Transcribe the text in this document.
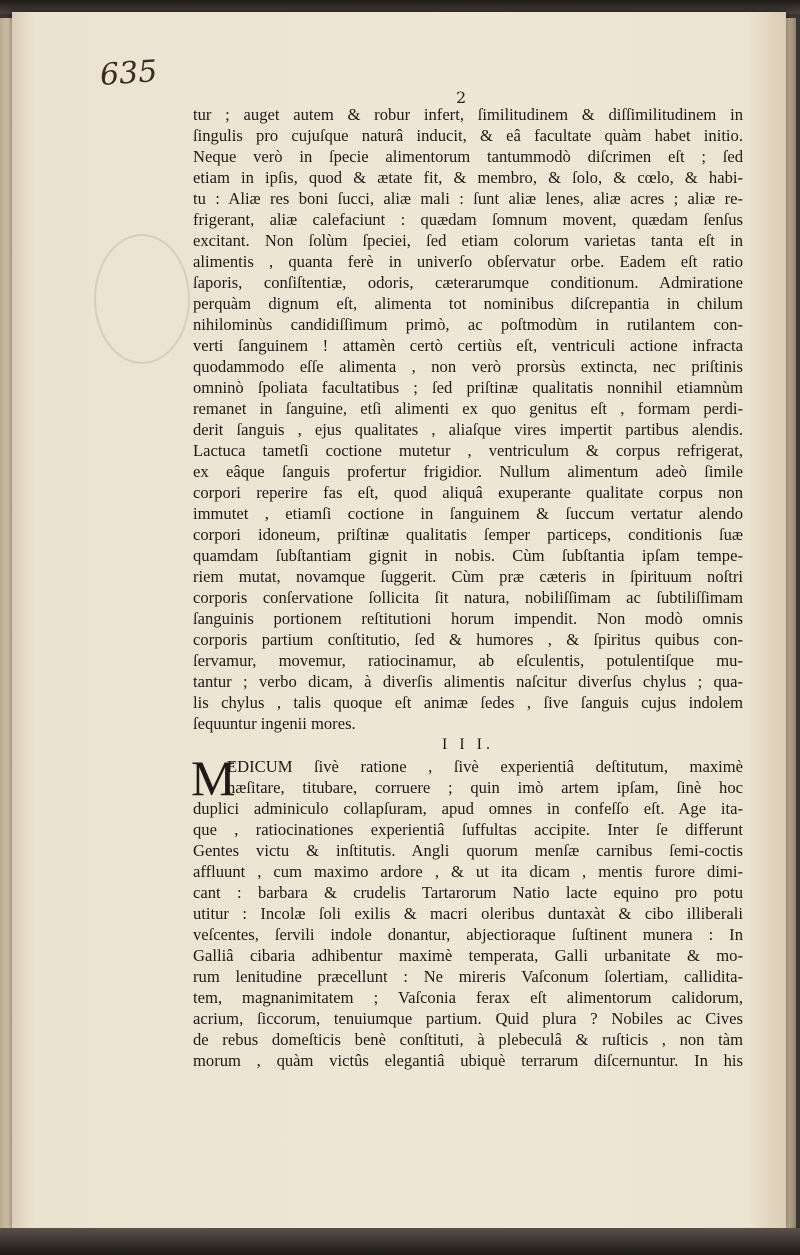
635
2
tur ; auget autem & robur infert, ſimilitudinem & diſſimilitudinem in
ſingulis pro cujuſque naturâ inducit, & eâ facultate quàm habet initio.
Neque verò in ſpecie alimentorum tantummodò diſcrimen eſt ; ſed
etiam in ipſis, quod & ætate fit, & membro, & ſolo, & cœlo, & habi-
tu : Aliæ res boni ſucci, aliæ mali : ſunt aliæ lenes, aliæ acres ; aliæ re-
frigerant, aliæ calefaciunt : quædam ſomnum movent, quædam ſenſus
excitant. Non ſolùm ſpeciei, ſed etiam colorum varietas tanta eſt in
alimentis , quanta ferè in univerſo obſervatur orbe. Eadem eſt ratio
ſaporis, conſiſtentiæ, odoris, cæterarumque conditionum. Admiratione
perquàm dignum eſt, alimenta tot nominibus diſcrepantia in chilum
nihilominùs candidiſſimum primò, ac poſtmodùm in rutilantem con-
verti ſanguinem ! attamèn certò certiùs eſt, ventriculi actione infracta
quodammodo eſſe alimenta , non verò prorsùs extincta, nec priſtinis
omninò ſpoliata facultatibus ; ſed priſtinæ qualitatis nonnihil etiamnùm
remanet in ſanguine, etſi alimenti ex quo genitus eſt , formam perdi-
derit ſanguis , ejus qualitates , aliaſque vires impertit partibus alendis.
Lactuca tametſi coctione mutetur , ventriculum & corpus refrigerat,
ex eâque ſanguis profertur frigidior. Nullum alimentum adeò ſimile
corpori reperire fas eſt, quod aliquâ exuperante qualitate corpus non
immutet , etiamſi coctione in ſanguinem & ſuccum vertatur alendo
corpori idoneum, priſtinæ qualitatis ſemper particeps, conditionis ſuæ
quamdam ſubſtantiam gignit in nobis. Cùm ſubſtantia ipſam tempe-
riem mutat, novamque ſuggerit. Cùm præ cæteris in ſpirituum noſtri
corporis conſervatione ſollicita ſit natura, nobiliſſimam ac ſubtiliſſimam
ſanguinis portionem reſtitutioni horum impendit. Non modò omnis
corporis partium conſtitutio, ſed & humores , & ſpiritus quibus con-
ſervamur, movemur, ratiocinamur, ab eſculentis, potulentiſque mu-
tantur ; verbo dicam, à diverſis alimentis naſcitur diverſus chylus ; qua-
lis chylus , talis quoque eſt animæ ſedes , ſive ſanguis cujus indolem
ſequuntur ingenii mores.
I I I.
M
EDICUM ſivè ratione , ſivè experientiâ deſtitutum, maximè
hæſitare, titubare, corruere ; quin imò artem ipſam, ſinè hoc
duplici adminiculo collapſuram, apud omnes in confeſſo eſt. Age ita-
que , ratiocinationes experientiâ ſuffultas accipite. Inter ſe differunt
Gentes victu & inſtitutis. Angli quorum menſæ carnibus ſemi-coctis
affluunt , cum maximo ardore , & ut ita dicam , mentis furore dimi-
cant : barbara & crudelis Tartarorum Natio lacte equino pro potu
utitur : Incolæ ſoli exilis & macri oleribus duntaxàt & cibo illiberali
veſcentes, ſervili indole donantur, abjectioraque ſuſtinent munera : In
Galliâ cibaria adhibentur maximè temperata, Galli urbanitate & mo-
rum lenitudine præcellunt : Ne mireris Vaſconum ſolertiam, calliditа-
tem, magnanimitatem ; Vaſconia ferax eſt alimentorum calidorum,
acrium, ſiccorum, tenuiumque partium. Quid plura ? Nobiles ac Cives
de rebus domeſticis benè conſtituti, à plebeculâ & ruſticis , non tàm
morum , quàm victûs elegantiâ ubiquè terrarum diſcernuntur. In his
